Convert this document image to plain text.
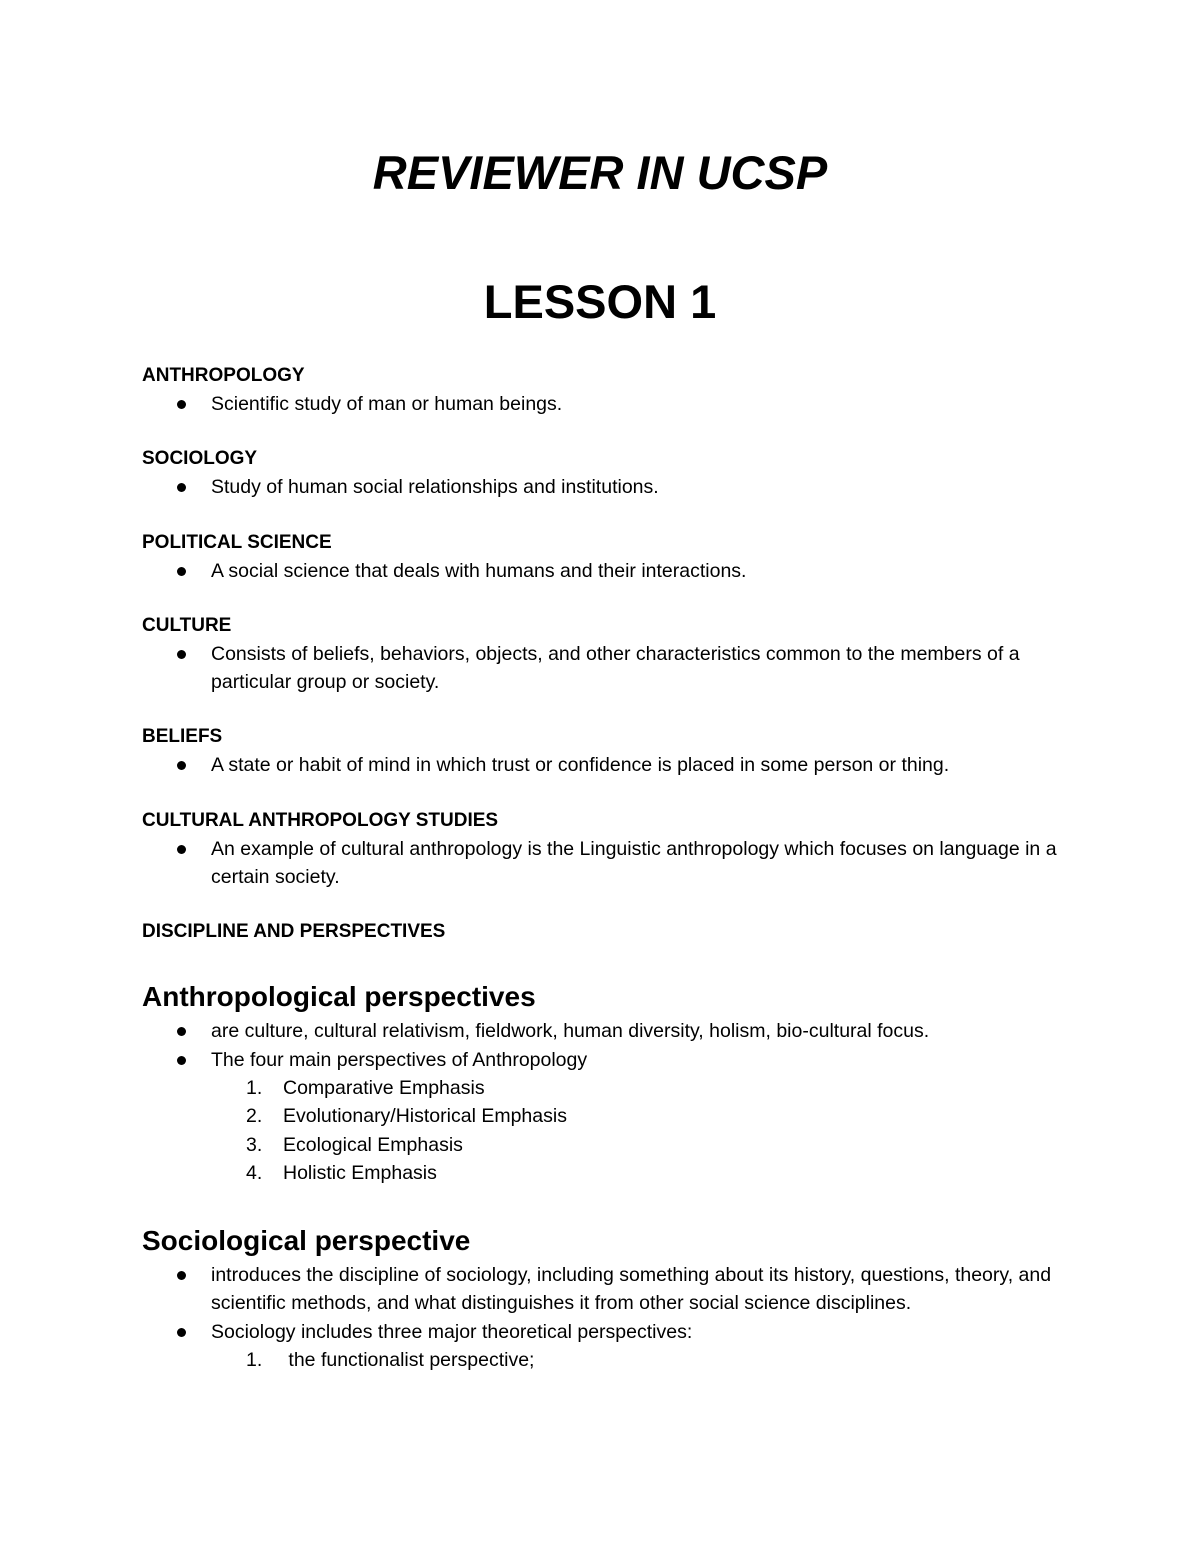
REVIEWER IN UCSP
LESSON 1
ANTHROPOLOGY
Scientific study of man or human beings.
SOCIOLOGY
Study of human social relationships and institutions.
POLITICAL SCIENCE
A social science that deals with humans and their interactions.
CULTURE
Consists of beliefs, behaviors, objects, and other characteristics common to the members of a particular group or society.
BELIEFS
A state or habit of mind in which trust or confidence is placed in some person or thing.
CULTURAL ANTHROPOLOGY STUDIES
An example of cultural anthropology is the Linguistic anthropology which focuses on language in a certain society.
DISCIPLINE AND PERSPECTIVES
Anthropological perspectives
are culture, cultural relativism, fieldwork, human diversity, holism, bio-cultural focus.
The four main perspectives of Anthropology
1.	Comparative Emphasis
2.	Evolutionary/Historical Emphasis
3.	Ecological Emphasis
4.	Holistic Emphasis
Sociological perspective
introduces the discipline of sociology, including something about its history, questions, theory, and scientific methods, and what distinguishes it from other social science disciplines.
Sociology includes three major theoretical perspectives:
1.	the functionalist perspective;
